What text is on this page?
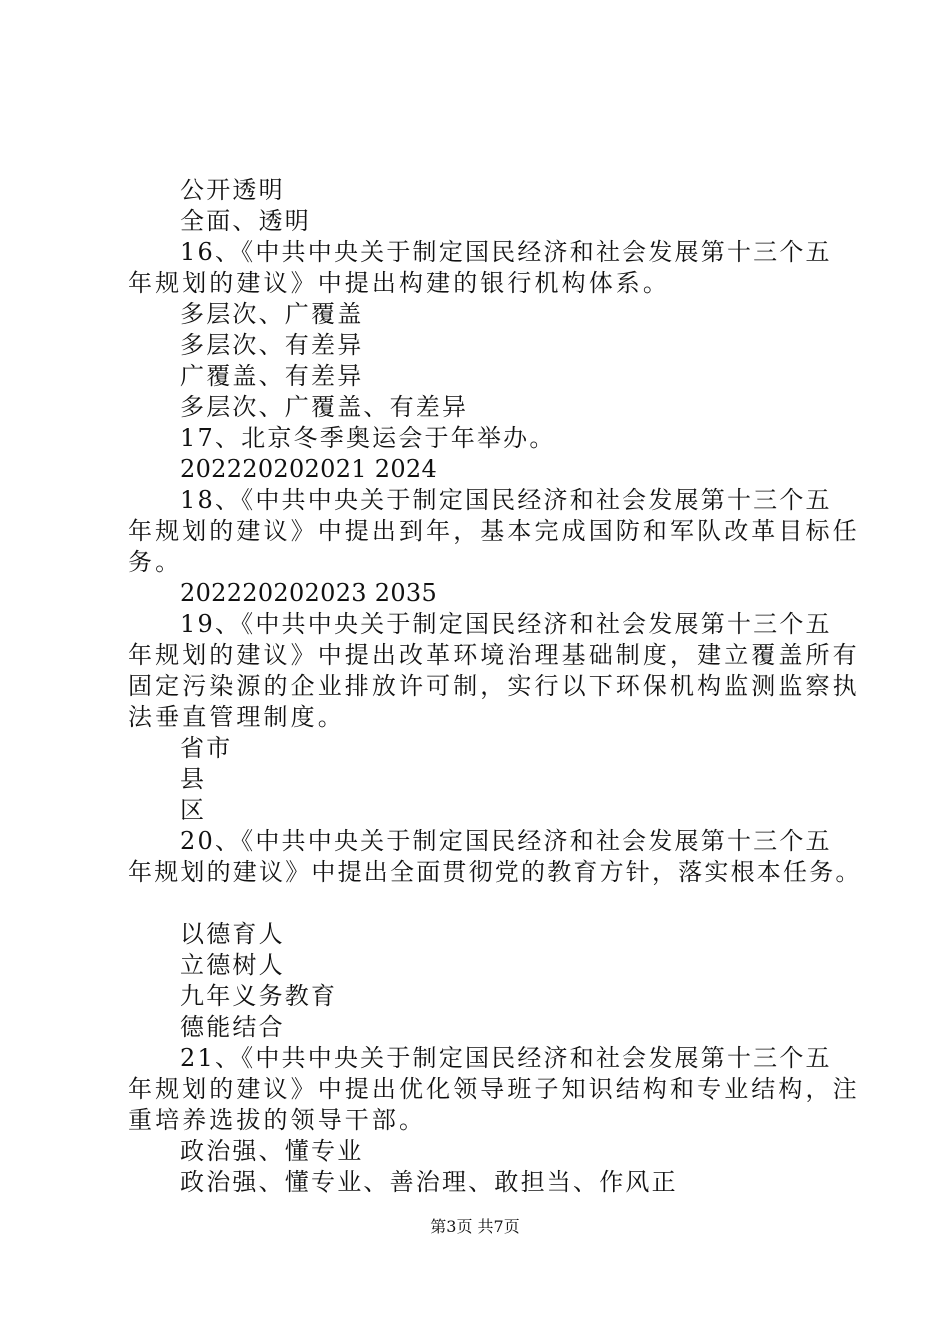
公开透明
全面、透明
16、《中共中央关于制定国民经济和社会发展第十三个五
年规划的建议》中提出构建的银行机构体系。
多层次、广覆盖
多层次、有差异
广覆盖、有差异
多层次、广覆盖、有差异
17、北京冬季奥运会于年举办。
202220202021 2024
18、《中共中央关于制定国民经济和社会发展第十三个五
年规划的建议》中提出到年，基本完成国防和军队改革目标任
务。
202220202023 2035
19、《中共中央关于制定国民经济和社会发展第十三个五
年规划的建议》中提出改革环境治理基础制度，建立覆盖所有
固定污染源的企业排放许可制，实行以下环保机构监测监察执
法垂直管理制度。
省市
县
区
20、《中共中央关于制定国民经济和社会发展第十三个五
年规划的建议》中提出全面贯彻党的教育方针，落实根本任务。
以德育人
立德树人
九年义务教育
德能结合
21、《中共中央关于制定国民经济和社会发展第十三个五
年规划的建议》中提出优化领导班子知识结构和专业结构，注
重培养选拔的领导干部。
政治强、懂专业
政治强、懂专业、善治理、敢担当、作风正
第3页 共7页
